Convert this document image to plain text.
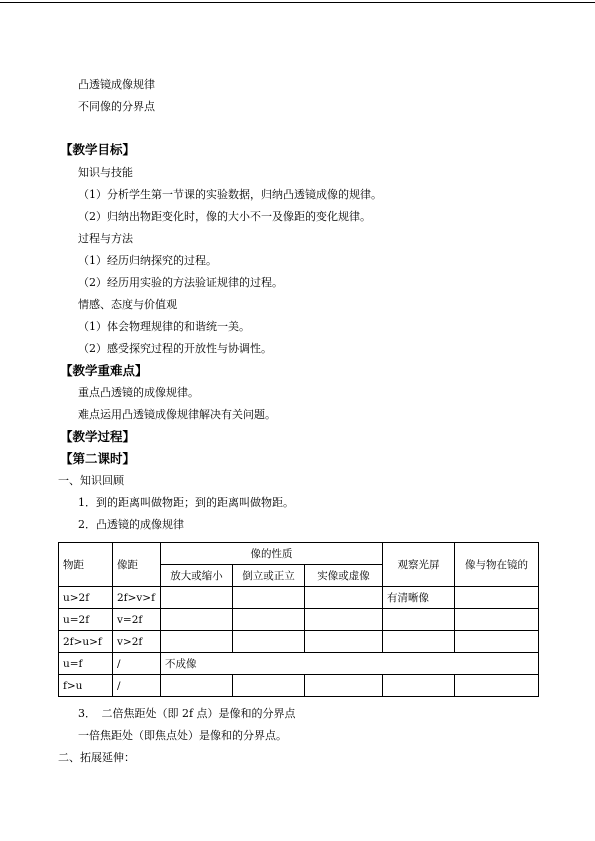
凸透镜成像规律
不同像的分界点
【教学目标】
知识与技能
（1）分析学生第一节课的实验数据，归纳凸透镜成像的规律。
（2）归纳出物距变化时，像的大小不一及像距的变化规律。
过程与方法
（1）经历归纳探究的过程。
（2）经历用实验的方法验证规律的过程。
情感、态度与价值观
（1）体会物理规律的和谐统一美。
（2）感受探究过程的开放性与协调性。
【教学重难点】
重点凸透镜的成像规律。
难点运用凸透镜成像规律解决有关问题。
【教学过程】
【第二课时】
一、知识回顾
1．到的距离叫做物距；到的距离叫做物距。
2．凸透镜的成像规律
物距	像距	像的性质			观察光屏	像与物在镜的
		放大或缩小	倒立或正立	实像或虚像		
u>2f	2f>v>f				有清晰像	
u=2f	v=2f					
2f>u>f	v>2f					
u=f	/	不成像				
f>u	/					
3．　二倍焦距处（即 2f 点）是像和的分界点
一倍焦距处（即焦点处）是像和的分界点。
二、拓展延伸：
